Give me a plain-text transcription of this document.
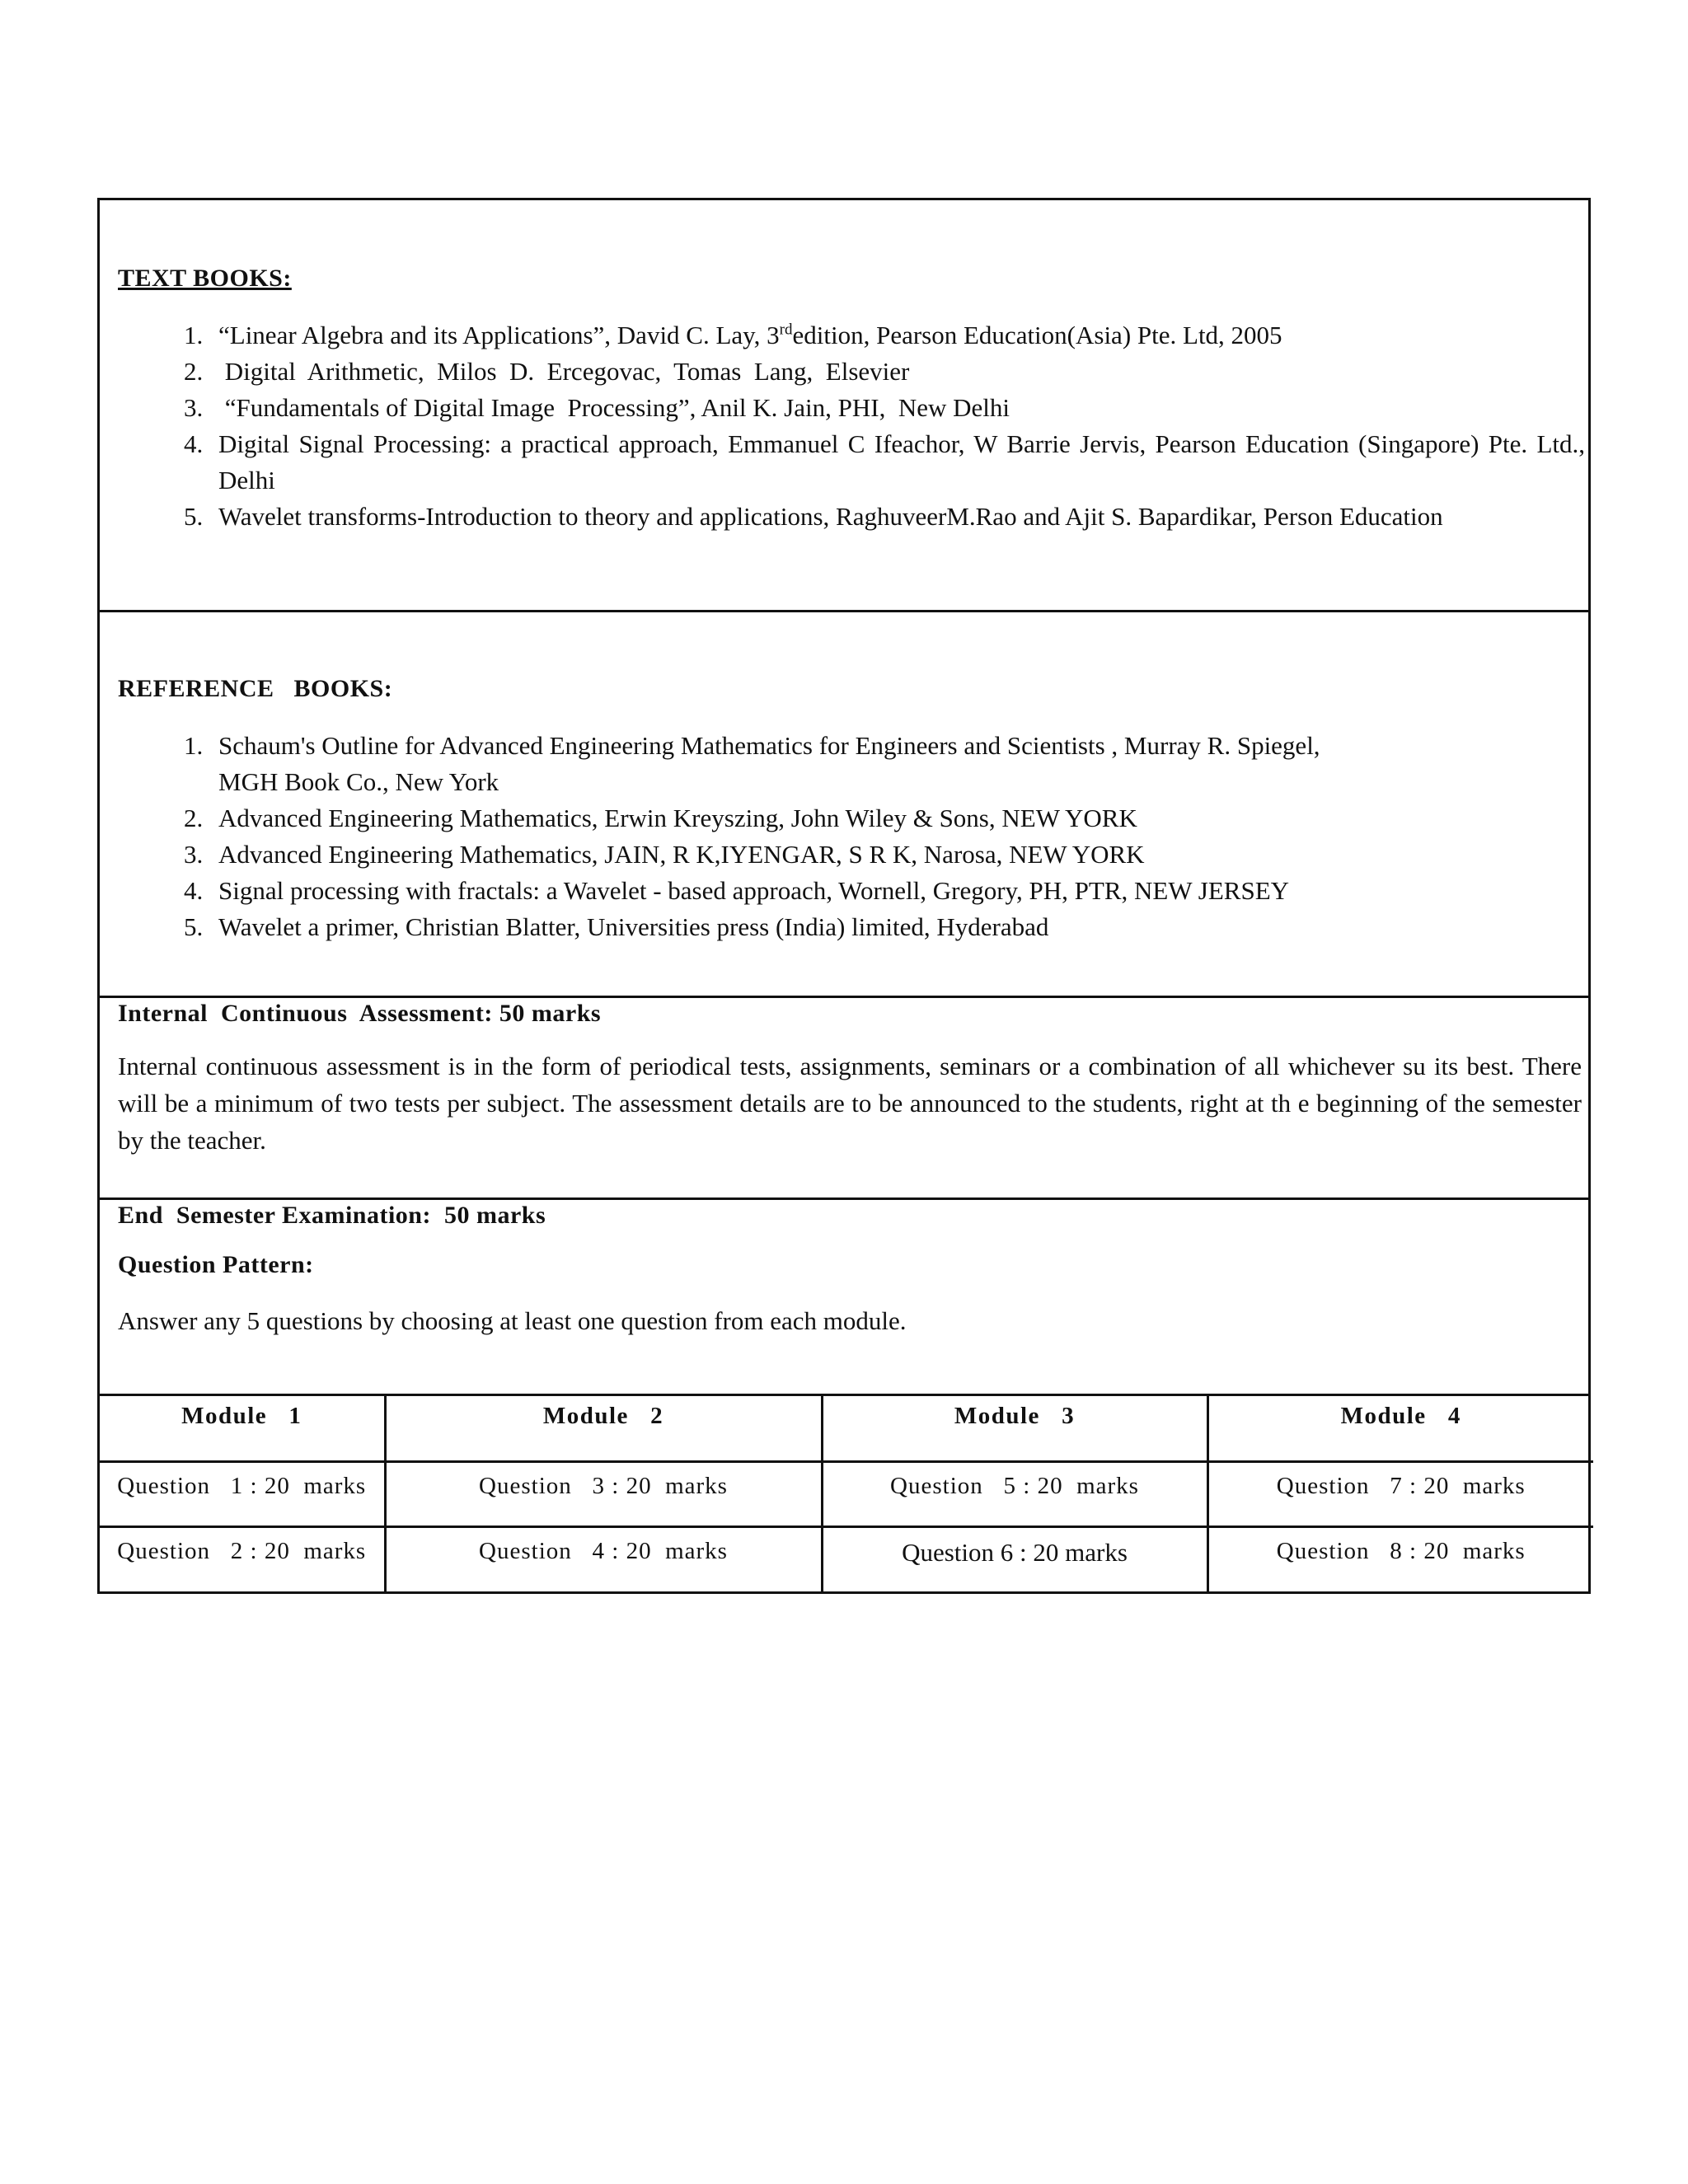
TEXT BOOKS:
1. “Linear Algebra and its Applications”, David C. Lay, 3rdedition, Pearson Education(Asia) Pte. Ltd, 2005
2. Digital  Arithmetic,  Milos  D.  Ercegovac,  Tomas  Lang,  Elsevier
3. “Fundamentals of Digital Image  Processing”, Anil K. Jain, PHI,  New Delhi
4. Digital Signal Processing: a practical approach, Emmanuel C Ifeachor, W Barrie Jervis, Pearson Education (Singapore) Pte. Ltd., Delhi
5. Wavelet transforms-Introduction to theory and applications, RaghuveerM.Rao and Ajit S. Bapardikar, Person Education
REFERENCE   BOOKS:
1. Schaum's Outline for Advanced Engineering Mathematics for Engineers and Scientists , Murray R. Spiegel,
MGH Book Co., New York
2. Advanced Engineering Mathematics, Erwin Kreyszing, John Wiley & Sons, NEW YORK
3. Advanced Engineering Mathematics, JAIN, R K,IYENGAR, S R K, Narosa, NEW YORK
4. Signal processing with fractals: a Wavelet - based approach, Wornell, Gregory, PH, PTR, NEW JERSEY
5. Wavelet a primer, Christian Blatter, Universities press (India) limited, Hyderabad
Internal  Continuous  Assessment: 50 marks
Internal continuous assessment is in the form of periodical tests, assignments, seminars or a combination of all whichever su its best. There will be a minimum of two tests per subject. The assessment details are to be announced to the students, right at th e beginning of the semester by the teacher.
End  Semester Examination:  50 marks
Question Pattern:
Answer any 5 questions by choosing at least one question from each module.
Module   1	Module   2	Module   3	Module   4
Question   1 : 20  marks	Question   3 : 20  marks	Question   5 : 20  marks	Question   7 : 20  marks
Question   2 : 20  marks	Question   4 : 20  marks	Question 6 : 20 marks	Question   8 : 20  marks
